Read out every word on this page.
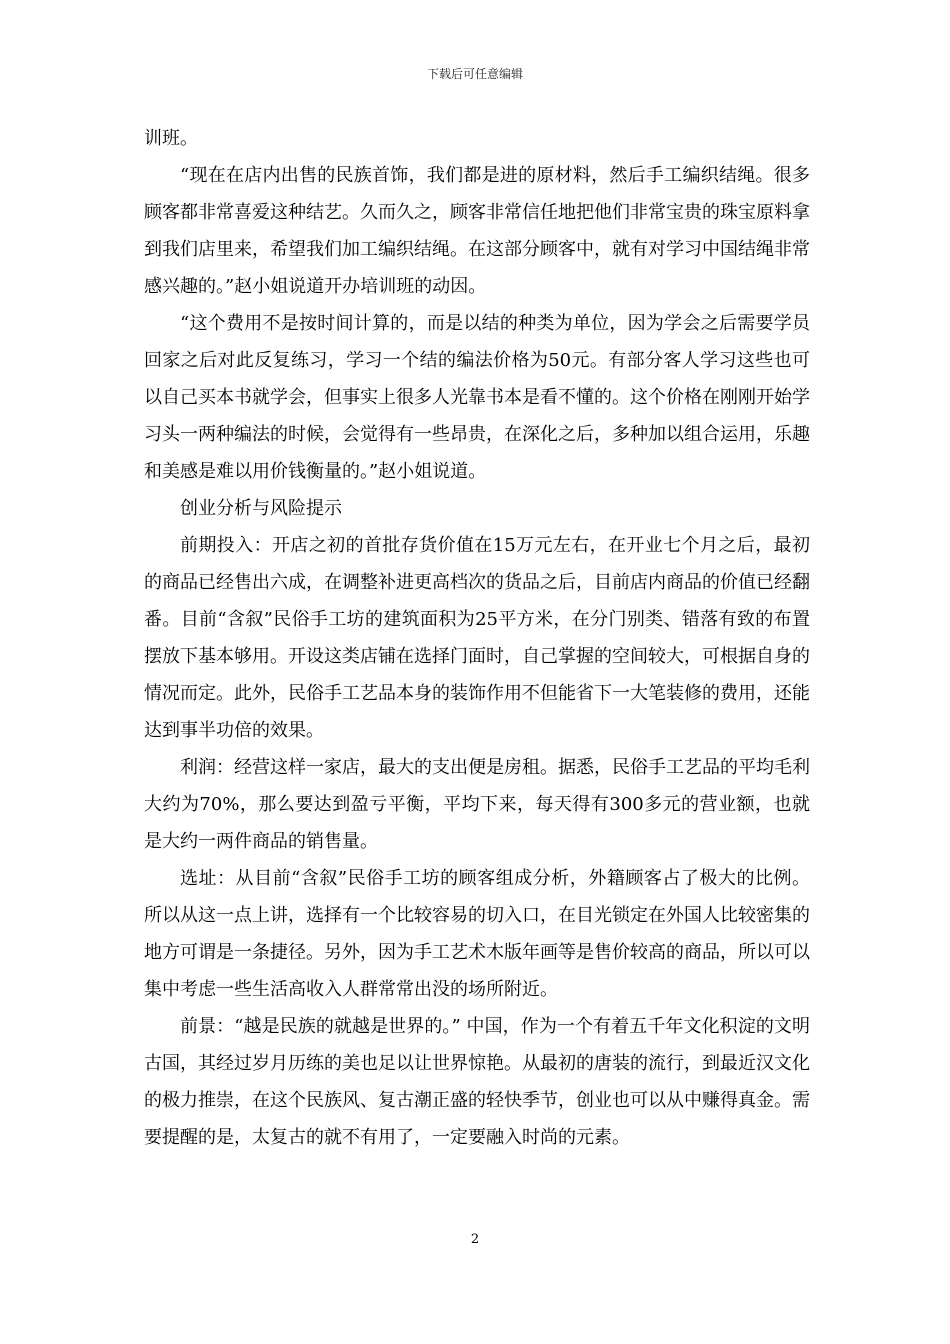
下载后可任意编辑

训班。

“现在在店内出售的民族首饰，我们都是进的原材料，然后手工编织结绳。很多顾客都非常喜爱这种结艺。久而久之，顾客非常信任地把他们非常宝贵的珠宝原料拿到我们店里来，希望我们加工编织结绳。在这部分顾客中，就有对学习中国结绳非常感兴趣的。”赵小姐说道开办培训班的动因。

“这个费用不是按时间计算的，而是以结的种类为单位，因为学会之后需要学员回家之后对此反复练习，学习一个结的编法价格为50元。有部分客人学习这些也可以自己买本书就学会，但事实上很多人光靠书本是看不懂的。这个价格在刚刚开始学习头一两种编法的时候，会觉得有一些昂贵，在深化之后，多种加以组合运用，乐趣和美感是难以用价钱衡量的。”赵小姐说道。

创业分析与风险提示

前期投入：开店之初的首批存货价值在15万元左右，在开业七个月之后，最初的商品已经售出六成，在调整补进更高档次的货品之后，目前店内商品的价值已经翻番。目前“含叙”民俗手工坊的建筑面积为25平方米，在分门别类、错落有致的布置摆放下基本够用。开设这类店铺在选择门面时，自己掌握的空间较大，可根据自身的情况而定。此外，民俗手工艺品本身的装饰作用不但能省下一大笔装修的费用，还能达到事半功倍的效果。

利润：经营这样一家店，最大的支出便是房租。据悉，民俗手工艺品的平均毛利大约为70%，那么要达到盈亏平衡，平均下来，每天得有300多元的营业额，也就是大约一两件商品的销售量。

选址：从目前“含叙”民俗手工坊的顾客组成分析，外籍顾客占了极大的比例。所以从这一点上讲，选择有一个比较容易的切入口，在目光锁定在外国人比较密集的地方可谓是一条捷径。另外，因为手工艺术木版年画等是售价较高的商品，所以可以集中考虑一些生活高收入人群常常出没的场所附近。

前景：“越是民族的就越是世界的。” 中国，作为一个有着五千年文化积淀的文明古国，其经过岁月历练的美也足以让世界惊艳。从最初的唐装的流行，到最近汉文化的极力推崇，在这个民族风、复古潮正盛的轻快季节，创业也可以从中赚得真金。需要提醒的是，太复古的就不有用了，一定要融入时尚的元素。

2
